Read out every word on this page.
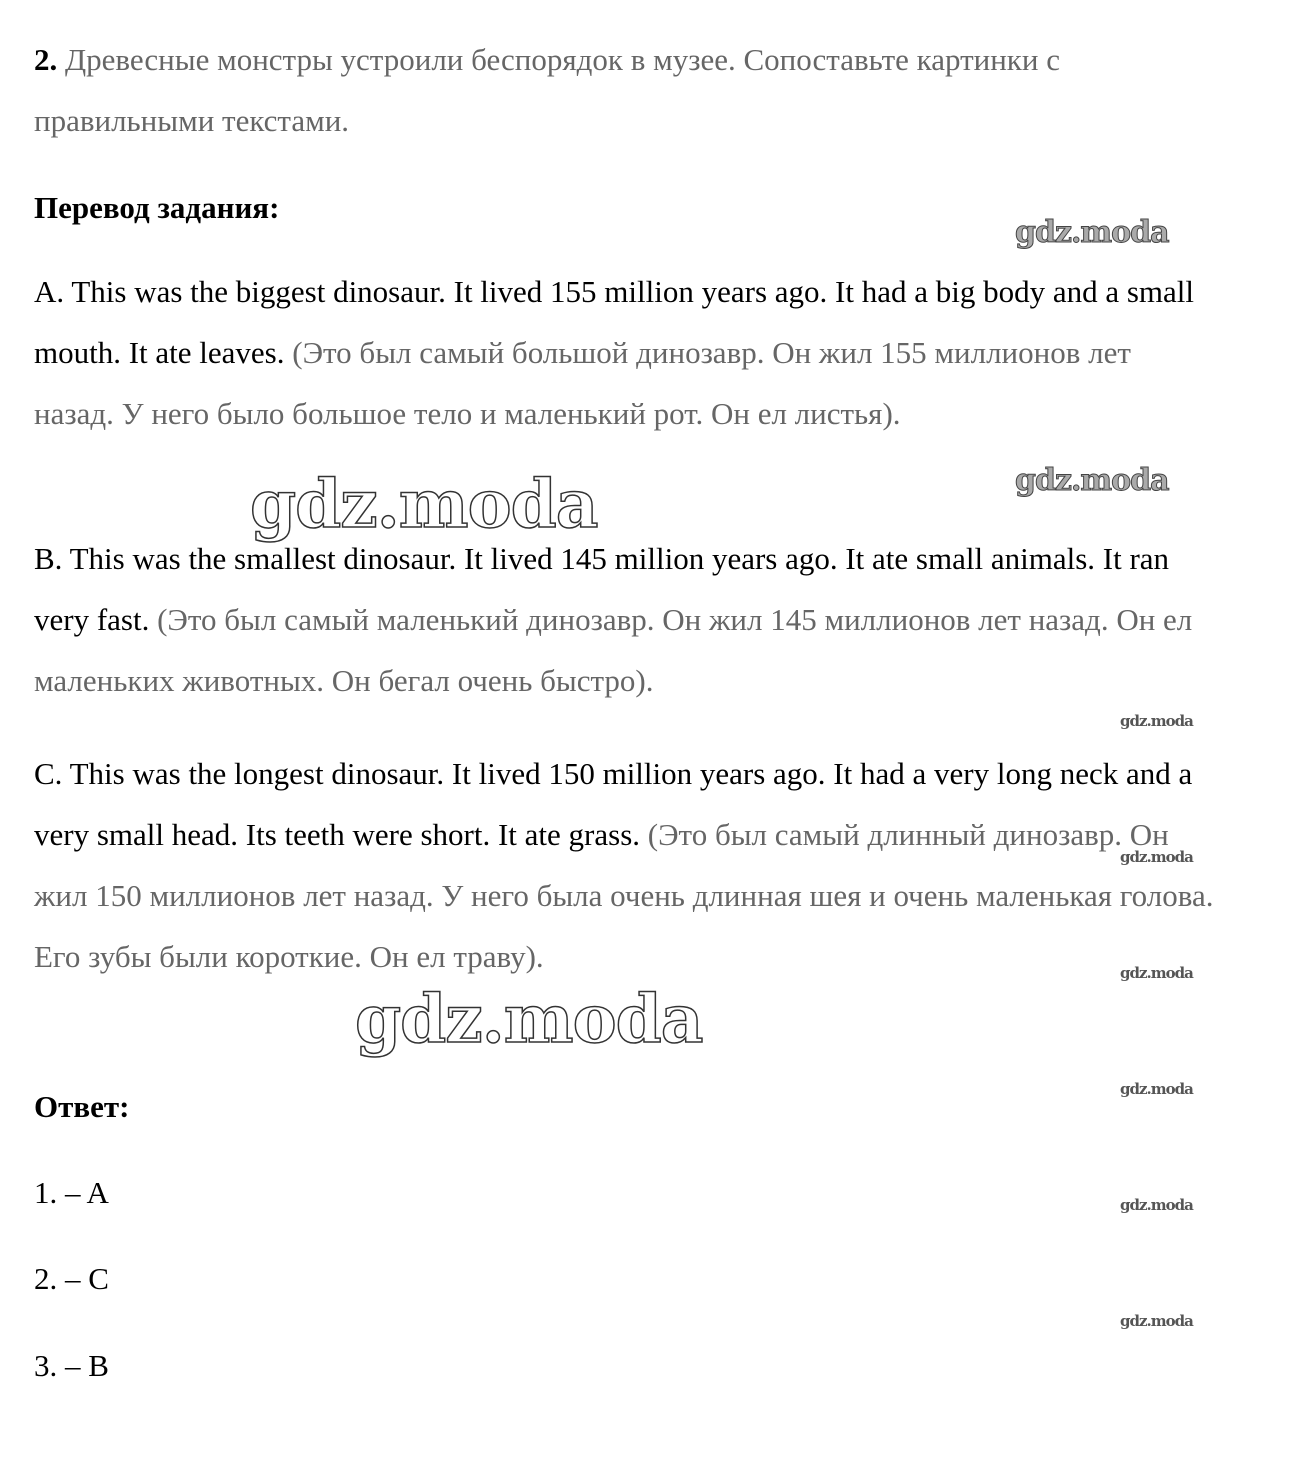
2. Древесные монстры устроили беспорядок в музее. Сопоставьте картинки с правильными текстами.
Перевод задания:
A. This was the biggest dinosaur. It lived 155 million years ago. It had a big body and a small mouth. It ate leaves. (Это был самый большой динозавр. Он жил 155 миллионов лет назад. У него было большое тело и маленький рот. Он ел листья).
B. This was the smallest dinosaur. It lived 145 million years ago. It ate small animals. It ran very fast. (Это был самый маленький динозавр. Он жил 145 миллионов лет назад. Он ел маленьких животных. Он бегал очень быстро).
C. This was the longest dinosaur. It lived 150 million years ago. It had a very long neck and a very small head. Its teeth were short. It ate grass. (Это был самый длинный динозавр. Он жил 150 миллионов лет назад. У него была очень длинная шея и очень маленькая голова. Его зубы были короткие. Он ел траву).
Ответ:
1. – A
2. – C
3. – B
gdz.moda
gdz.moda
gdz.moda
gdz.moda
gdz.moda
gdz.moda
gdz.moda
gdz.moda
gdz.moda
gdz.moda
